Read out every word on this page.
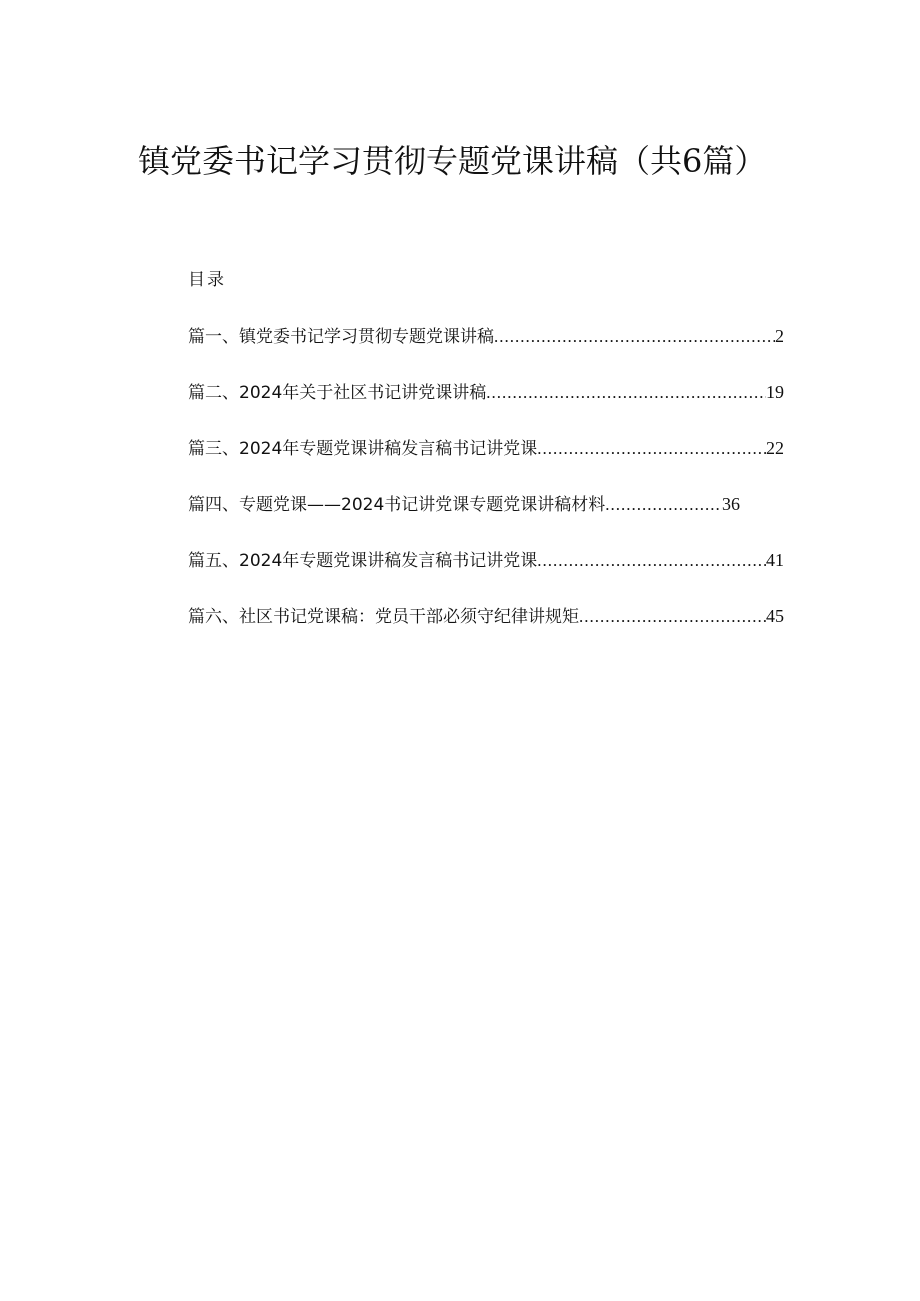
镇党委书记学习贯彻专题党课讲稿（共6篇）
目录
篇一、 镇党委书记学习贯彻专题党课讲稿 .....	2
篇二、 2024年关于社区书记讲党课讲稿 .....	19
篇三、 2024年专题党课讲稿发言稿书记讲党课 .....	22
篇四、 专题党课——2024书记讲党课专题党课讲稿材料 .....	36
篇五、 2024年专题党课讲稿发言稿书记讲党课 .....	41
篇六、 社区书记党课稿：党员干部必须守纪律讲规矩 .....	45
